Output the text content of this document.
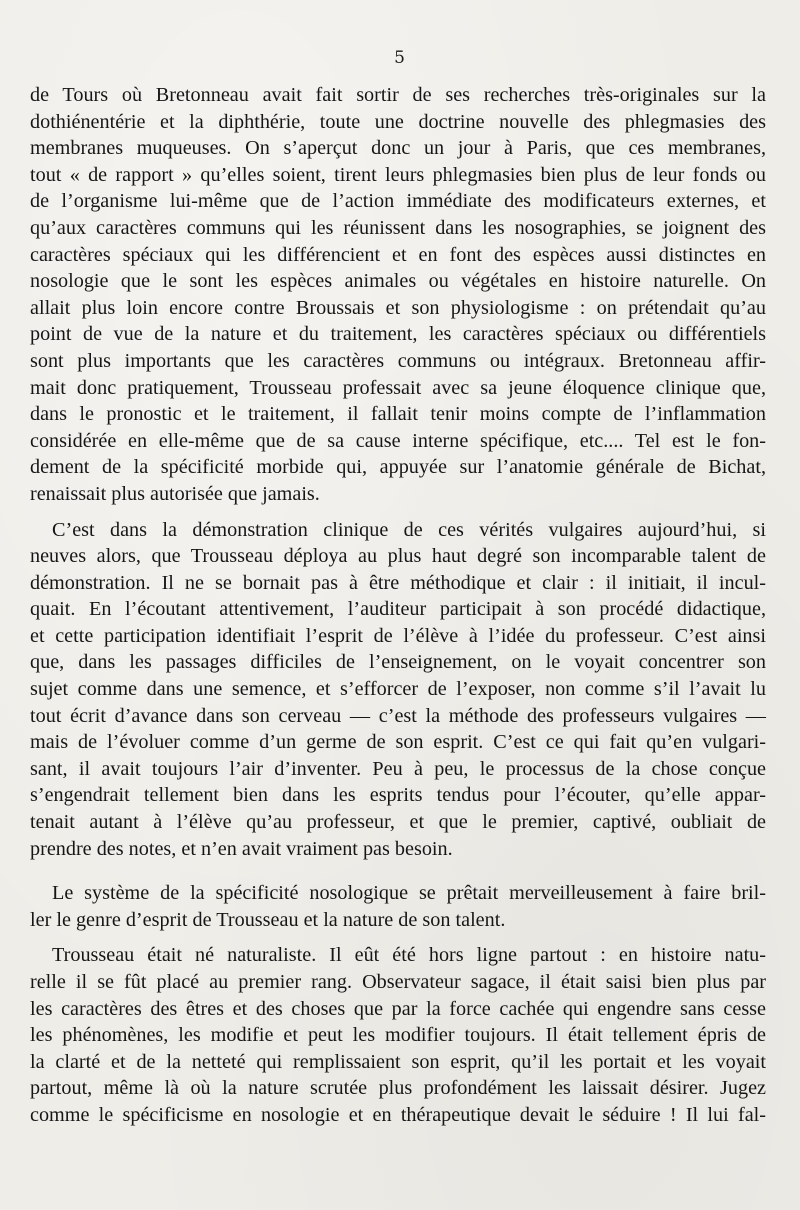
5

de Tours où Bretonneau avait fait sortir de ses recherches très-originales sur la
dothiénentérie et la diphthérie, toute une doctrine nouvelle des phlegmasies des
membranes muqueuses. On s’aperçut donc un jour à Paris, que ces membranes,
tout « de rapport » qu’elles soient, tirent leurs phlegmasies bien plus de leur fonds ou
de l’organisme lui-même que de l’action immédiate des modificateurs externes, et
qu’aux caractères communs qui les réunissent dans les nosographies, se joignent des
caractères spéciaux qui les différencient et en font des espèces aussi distinctes en
nosologie que le sont les espèces animales ou végétales en histoire naturelle. On
allait plus loin encore contre Broussais et son physiologisme : on prétendait qu’au
point de vue de la nature et du traitement, les caractères spéciaux ou différentiels
sont plus importants que les caractères communs ou intégraux. Bretonneau affir-
mait donc pratiquement, Trousseau professait avec sa jeune éloquence clinique que,
dans le pronostic et le traitement, il fallait tenir moins compte de l’inflammation
considérée en elle-même que de sa cause interne spécifique, etc.... Tel est le fon-
dement de la spécificité morbide qui, appuyée sur l’anatomie générale de Bichat,
renaissait plus autorisée que jamais.

C’est dans la démonstration clinique de ces vérités vulgaires aujourd’hui, si
neuves alors, que Trousseau déploya au plus haut degré son incomparable talent de
démonstration. Il ne se bornait pas à être méthodique et clair : il initiait, il incul-
quait. En l’écoutant attentivement, l’auditeur participait à son procédé didactique,
et cette participation identifiait l’esprit de l’élève à l’idée du professeur. C’est ainsi
que, dans les passages difficiles de l’enseignement, on le voyait concentrer son
sujet comme dans une semence, et s’efforcer de l’exposer, non comme s’il l’avait lu
tout écrit d’avance dans son cerveau — c’est la méthode des professeurs vulgaires —
mais de l’évoluer comme d’un germe de son esprit. C’est ce qui fait qu’en vulgari-
sant, il avait toujours l’air d’inventer. Peu à peu, le processus de la chose conçue
s’engendrait tellement bien dans les esprits tendus pour l’écouter, qu’elle appar-
tenait autant à l’élève qu’au professeur, et que le premier, captivé, oubliait de
prendre des notes, et n’en avait vraiment pas besoin.

Le système de la spécificité nosologique se prêtait merveilleusement à faire bril-
ler le genre d’esprit de Trousseau et la nature de son talent.

Trousseau était né naturaliste. Il eût été hors ligne partout : en histoire natu-
relle il se fût placé au premier rang. Observateur sagace, il était saisi bien plus par
les caractères des êtres et des choses que par la force cachée qui engendre sans cesse
les phénomènes, les modifie et peut les modifier toujours. Il était tellement épris de
la clarté et de la netteté qui remplissaient son esprit, qu’il les portait et les voyait
partout, même là où la nature scrutée plus profondément les laissait désirer. Jugez
comme le spécificisme en nosologie et en thérapeutique devait le séduire ! Il lui fal-
